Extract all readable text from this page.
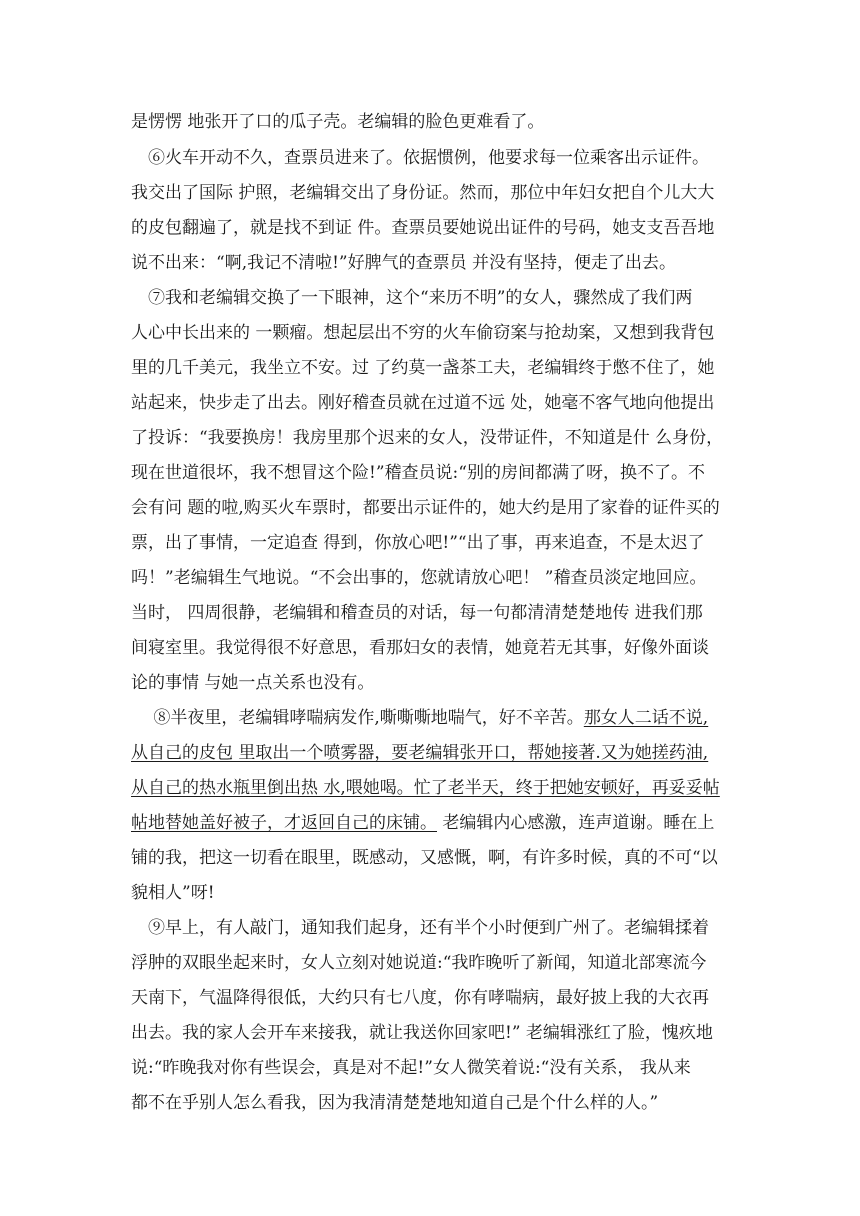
是愣愣 地张开了口的瓜子壳。老编辑的脸色更难看了。
　⑥火车开动不久，查票员进来了。依据惯例，他要求每一位乘客出示证件。
我交出了国际 护照，老编辑交出了身份证。然而，那位中年妇女把自个儿大大
的皮包翻遍了，就是找不到证 件。查票员要她说出证件的号码，她支支吾吾地
说不出来：“啊,我记不清啦!”好脾气的查票员 并没有坚持，便走了出去。
　⑦我和老编辑交换了一下眼神，这个“来历不明”的女人，骤然成了我们两
人心中长出来的 一颗瘤。想起层出不穷的火车偷窃案与抢劫案，又想到我背包
里的几千美元，我坐立不安。过 了约莫一盏茶工夫，老编辑终于憋不住了，她
站起来，快步走了出去。刚好稽查员就在过道不远 处，她毫不客气地向他提出
了投诉：“我要换房！我房里那个迟来的女人，没带证件，不知道是什 么身份，
现在世道很坏，我不想冒这个险!”稽查员说:“别的房间都满了呀，换不了。不
会有问 题的啦,购买火车票时，都要出示证件的，她大约是用了家眷的证件买的
票，出了事情，一定追查 得到，你放心吧!”“出了事，再来追查，不是太迟了
吗！”老编辑生气地说。“不会出事的，您就请放心吧！ ”稽查员淡定地回应。
当时， 四周很静，老编辑和稽查员的对话，每一句都清清楚楚地传 进我们那
间寝室里。我觉得很不好意思，看那妇女的表情，她竟若无其事，好像外面谈
论的事情 与她一点关系也没有。
　 ⑧半夜里，老编辑哮喘病发作,嘶嘶嘶地喘气，好不辛苦。那女人二话不说,
从自己的皮包 里取出一个喷雾器，要老编辑张开口，帮她接著.又为她搓药油,
从自己的热水瓶里倒出热 水,喂她喝。忙了老半天，终于把她安顿好，再妥妥帖
帖地替她盖好被子，才返回自己的床铺。 老编辑内心感激，连声道谢。睡在上
铺的我，把这一切看在眼里，既感动，又感慨，啊，有许多时候，真的不可“以
貌相人”呀!
　⑨早上，有人敲门，通知我们起身，还有半个小时便到广州了。老编辑揉着
浮肿的双眼坐起来时，女人立刻对她说道:“我昨晚听了新闻，知道北部寒流今
天南下，气温降得很低，大约只有七八度，你有哮喘病，最好披上我的大衣再
出去。我的家人会开车来接我，就让我送你回家吧!” 老编辑涨红了脸，愧疚地
说:“昨晚我对你有些误会，真是对不起!”女人微笑着说:“没有关系， 我从来
都不在乎别人怎么看我，因为我清清楚楚地知道自己是个什么样的人。”
